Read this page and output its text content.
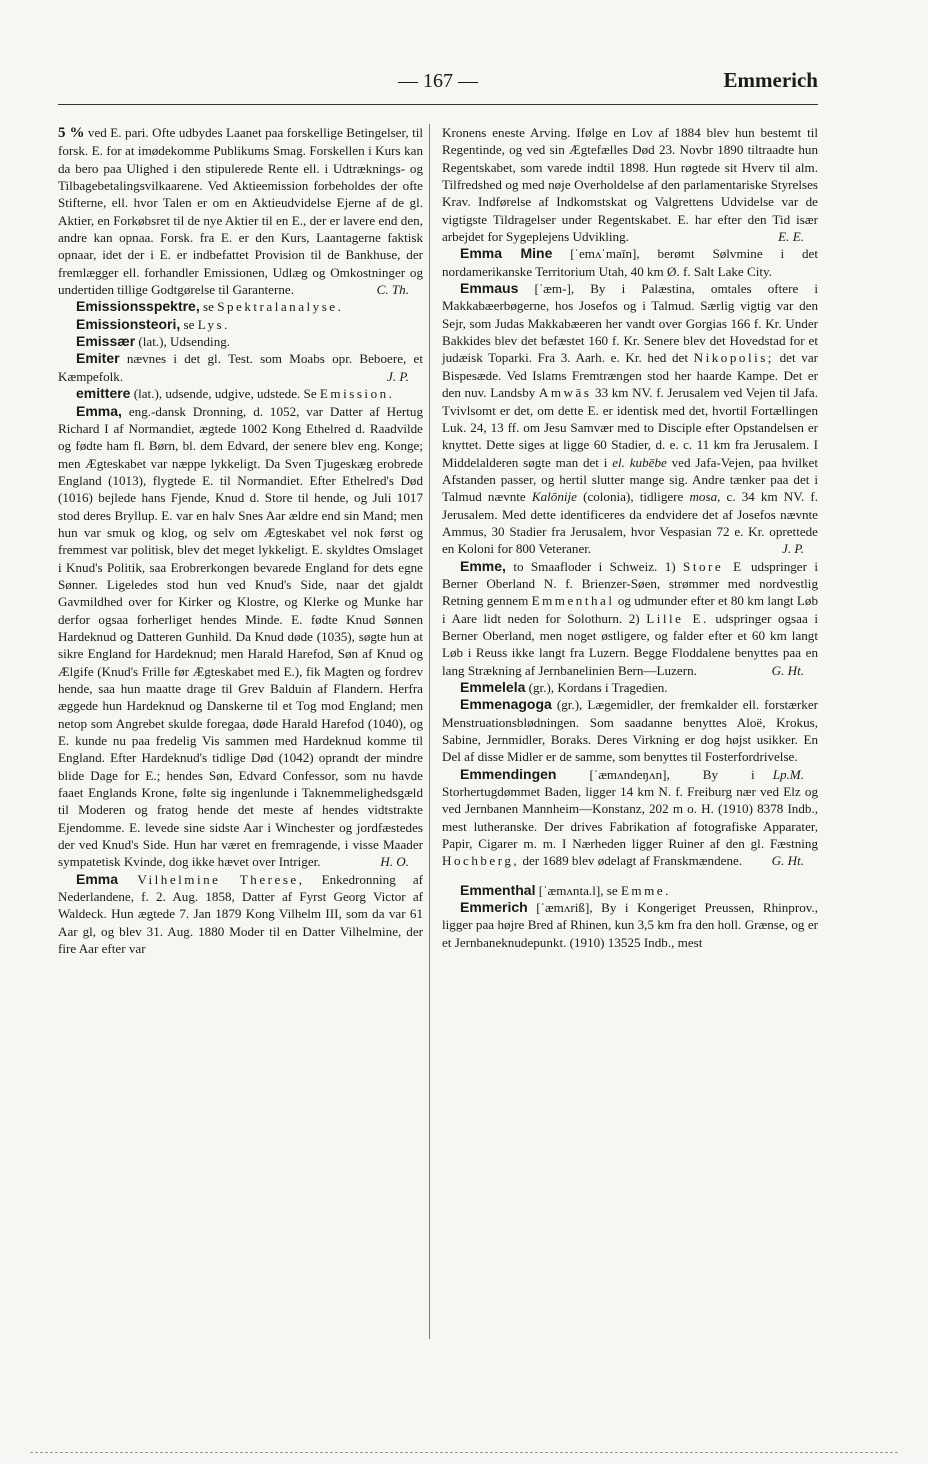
— 167 —	Emmerich

5 % ved E. pari. Ofte udbydes Laanet paa forskellige Betingelser, til forsk. E. for at imødekomme Publikums Smag. Forskellen i Kurs kan da bero paa Ulighed i den stipulerede Rente ell. i Udtræknings- og Tilbagebetalingsvilkaarene. Ved Aktieemission forbeholdes der ofte Stifterne, ell. hvor Talen er om en Aktieudvidelse Ejerne af de gl. Aktier, en Forkøbsret til de nye Aktier til en E., der er lavere end den, andre kan opnaa. Forsk. fra E. er den Kurs, Laantagerne faktisk opnaar, idet der i E. er indbefattet Provision til de Bankhuse, der fremlægger ell. forhandler Emissionen, Udlæg og Omkostninger og undertiden tillige Godtgørelse til Garanterne.	C. Th.

Emissionsspektre, se Spektralanalyse.

Emissionsteori, se Lys.

Emissær (lat.), Udsending.

Emiter nævnes i det gl. Test. som Moabs opr. Beboere, et Kæmpefolk.	J. P.

emittere (lat.), udsende, udgive, udstede. Se Emission.

Emma, eng.-dansk Dronning, d. 1052, var Datter af Hertug Richard I af Normandiet, ægtede 1002 Kong Ethelred d. Raadvilde og fødte ham fl. Børn, bl. dem Edvard, der senere blev eng. Konge; men Ægteskabet var næppe lykkeligt. Da Sven Tjugeskæg erobrede England (1013), flygtede E. til Normandiet. Efter Ethelred's Død (1016) bejlede hans Fjende, Knud d. Store til hende, og Juli 1017 stod deres Bryllup. E. var en halv Snes Aar ældre end sin Mand; men hun var smuk og klog, og selv om Ægteskabet vel nok først og fremmest var politisk, blev det meget lykkeligt. E. skyldtes Omslaget i Knud's Politik, saa Erobrerkongen bevarede England for dets egne Sønner. Ligeledes stod hun ved Knud's Side, naar det gjaldt Gavmildhed over for Kirker og Klostre, og Klerke og Munke har derfor ogsaa forherliget hendes Minde. E. fødte Knud Sønnen Hardeknud og Datteren Gunhild. Da Knud døde (1035), søgte hun at sikre England for Hardeknud; men Harald Harefod, Søn af Knud og Ælgife (Knud's Frille før Ægteskabet med E.), fik Magten og fordrev hende, saa hun maatte drage til Grev Balduin af Flandern. Herfra æggede hun Hardeknud og Danskerne til et Tog mod England; men netop som Angrebet skulde foregaa, døde Harald Harefod (1040), og E. kunde nu paa fredelig Vis sammen med Hardeknud komme til England. Efter Hardeknud's tidlige Død (1042) oprandt der mindre blide Dage for E.; hendes Søn, Edvard Confessor, som nu havde faaet Englands Krone, følte sig ingenlunde i Taknemmelighedsgæld til Moderen og fratog hende det meste af hendes vidtstrakte Ejendomme. E. levede sine sidste Aar i Winchester og jordfæstedes der ved Knud's Side. Hun har været en fremragende, i visse Maader sympatetisk Kvinde, dog ikke hævet over Intriger.	H. O.

Emma Vilhelmine Therese, Enkedronning af Nederlandene, f. 2. Aug. 1858, Datter af Fyrst Georg Victor af Waldeck. Hun ægtede 7. Jan 1879 Kong Vilhelm III, som da var 61 Aar gl, og blev 31. Aug. 1880 Moder til en Datter Vilhelmine, der fire Aar efter var

Kronens eneste Arving. Ifølge en Lov af 1884 blev hun bestemt til Regentinde, og ved sin Ægtefælles Død 23. Novbr 1890 tiltraadte hun Regentskabet, som varede indtil 1898. Hun røgtede sit Hverv til alm. Tilfredshed og med nøje Overholdelse af den parlamentariske Styrelses Krav. Indførelse af Indkomstskat og Valgrettens Udvidelse var de vigtigste Tildragelser under Regentskabet. E. har efter den Tid især arbejdet for Sygeplejens Udvikling.	E. E.

Emma Mine [ˈemʌˈmaīn], berømt Sølvmine i det nordamerikanske Territorium Utah, 40 km Ø. f. Salt Lake City.

Emmaus [ˈæm-], By i Palæstina, omtales oftere i Makkabæerbøgerne, hos Josefos og i Talmud. Særlig vigtig var den Sejr, som Judas Makkabæeren her vandt over Gorgias 166 f. Kr. Under Bakkides blev det befæstet 160 f. Kr. Senere blev det Hovedstad for et judæisk Toparki. Fra 3. Aarh. e. Kr. hed det Nikopolis; det var Bispesæde. Ved Islams Fremtrængen stod her haarde Kampe. Det er den nuv. Landsby Amwās 33 km NV. f. Jerusalem ved Vejen til Jafa. Tvivlsomt er det, om dette E. er identisk med det, hvortil Fortællingen Luk. 24, 13 ff. om Jesu Samvær med to Disciple efter Opstandelsen er knyttet. Dette siges at ligge 60 Stadier, d. e. c. 11 km fra Jerusalem. I Middelalderen søgte man det i el. kubēbe ved Jafa-Vejen, paa hvilket Afstanden passer, og hertil slutter mange sig. Andre tænker paa det i Talmud nævnte Kalōnije (colonia), tidligere mosa, c. 34 km NV. f. Jerusalem. Med dette identificeres da endvidere det af Josefos nævnte Ammus, 30 Stadier fra Jerusalem, hvor Vespasian 72 e. Kr. oprettede en Koloni for 800 Veteraner.	J. P.

Emme, to Smaafloder i Schweiz. 1) Store E udspringer i Berner Oberland N. f. Brienzer-Søen, strømmer med nordvestlig Retning gennem Emmenthal og udmunder efter et 80 km langt Løb i Aare lidt neden for Solothurn. 2) Lille E. udspringer ogsaa i Berner Oberland, men noget østligere, og falder efter et 60 km langt Løb i Reuss ikke langt fra Luzern. Begge Floddalene benyttes paa en lang Strækning af Jernbanelinien Bern—Luzern.	G. Ht.

Emmelela (gr.), Kordans i Tragedien.

Emmenagoga (gr.), Lægemidler, der fremkalder ell. forstærker Menstruationsblødningen. Som saadanne benyttes Aloë, Krokus, Sabine, Jernmidler, Boraks. Deres Virkning er dog højst usikker. En Del af disse Midler er de samme, som benyttes til Fosterfordrivelse.
Lp.M.

Emmendingen [ˈæmʌndeŋʌn], By i Storhertugdømmet Baden, ligger 14 km N. f. Freiburg nær ved Elz og ved Jernbanen Mannheim—Konstanz, 202 m o. H. (1910) 8378 Indb., mest lutheranske. Der drives Fabrikation af fotografiske Apparater, Papir, Cigarer m. m. I Nærheden ligger Ruiner af den gl. Fæstning Hochberg, der 1689 blev ødelagt af Franskmændene.	G. Ht.

Emmenthal [ˈæmʌnta.l], se Emme.

Emmerich [ˈæmʌriß], By i Kongeriget Preussen, Rhinprov., ligger paa højre Bred af Rhinen, kun 3,5 km fra den holl. Grænse, og er et Jernbaneknudepunkt. (1910) 13525 Indb., mest
